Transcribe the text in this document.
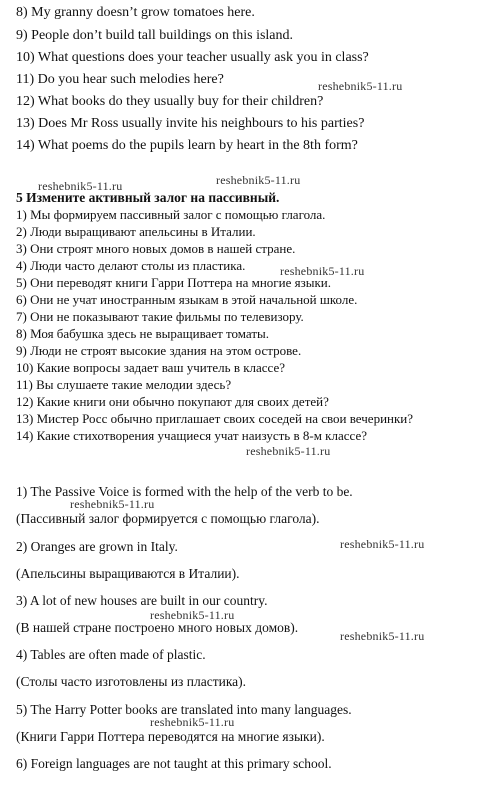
8) My granny doesn’t grow tomatoes here.
9) People don’t build tall buildings on this island.
10) What questions does your teacher usually ask you in class?
11) Do you hear such melodies here?
12) What books do they usually buy for their children?
13) Does Mr Ross usually invite his neighbours to his parties?
14) What poems do the pupils learn by heart in the 8th form?
5 Измените активный залог на пассивный.
1) Мы формируем пассивный залог с помощью глагола.
2) Люди выращивают апельсины в Италии.
3) Они строят много новых домов в нашей стране.
4) Люди часто делают столы из пластика.
5) Они переводят книги Гарри Поттера на многие языки.
6) Они не учат иностранным языкам в этой начальной школе.
7) Они не показывают такие фильмы по телевизору.
8) Моя бабушка здесь не выращивает томаты.
9) Люди не строят высокие здания на этом острове.
10) Какие вопросы задает ваш учитель в классе?
11) Вы слушаете такие мелодии здесь?
12) Какие книги они обычно покупают для своих детей?
13) Мистер Росс обычно приглашает своих соседей на свои вечеринки?
14) Какие стихотворения учащиеся учат наизусть в 8-м классе?
1) The Passive Voice is formed with the help of the verb to be.
(Пассивный залог формируется с помощью глагола).
2) Oranges are grown in Italy.
(Апельсины выращиваются в Италии).
3) A lot of new houses are built in our country.
(В нашей стране построено много новых домов).
4) Tables are often made of plastic.
(Столы часто изготовлены из пластика).
5) The Harry Potter books are translated into many languages.
(Книги Гарри Поттера переводятся на многие языки).
6) Foreign languages are not taught at this primary school.
reshebnik5-11.ru
reshebnik5-11.ru	reshebnik5-11.ru
reshebnik5-11.ru
reshebnik5-11.ru
reshebnik5-11.ru
reshebnik5-11.ru
reshebnik5-11.ru
reshebnik5-11.ru
reshebnik5-11.ru
